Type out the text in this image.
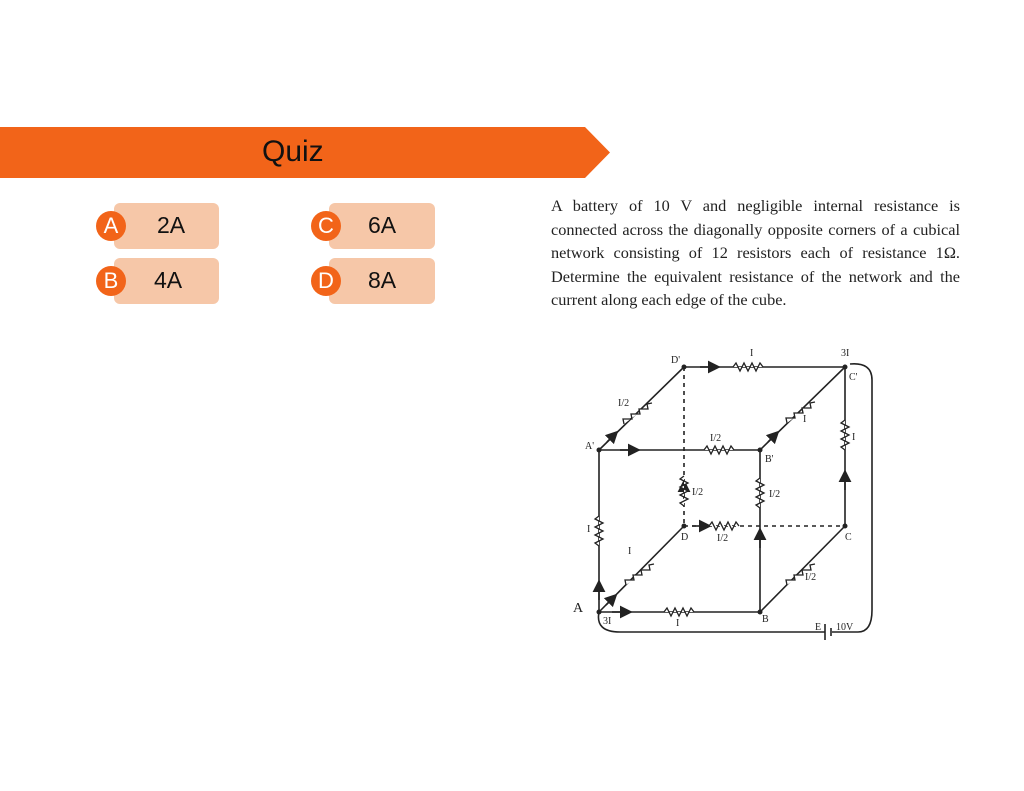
Quiz
2A
A
4A
B
6A
C
8A
D
A battery of 10 V and negligible internal resistance is connected across the diagonally opposite corners of a cubical network consisting of 12 resistors each of resistance 1Ω. Determine the equivalent resistance of the network and the current along each edge of the cube.
A
B
C
D
A'
B'
C'
D'
I	3I
3I	I
I
I
I
I
I/2
I/2
I/2	I/2
I/2
I/2
E 10V
